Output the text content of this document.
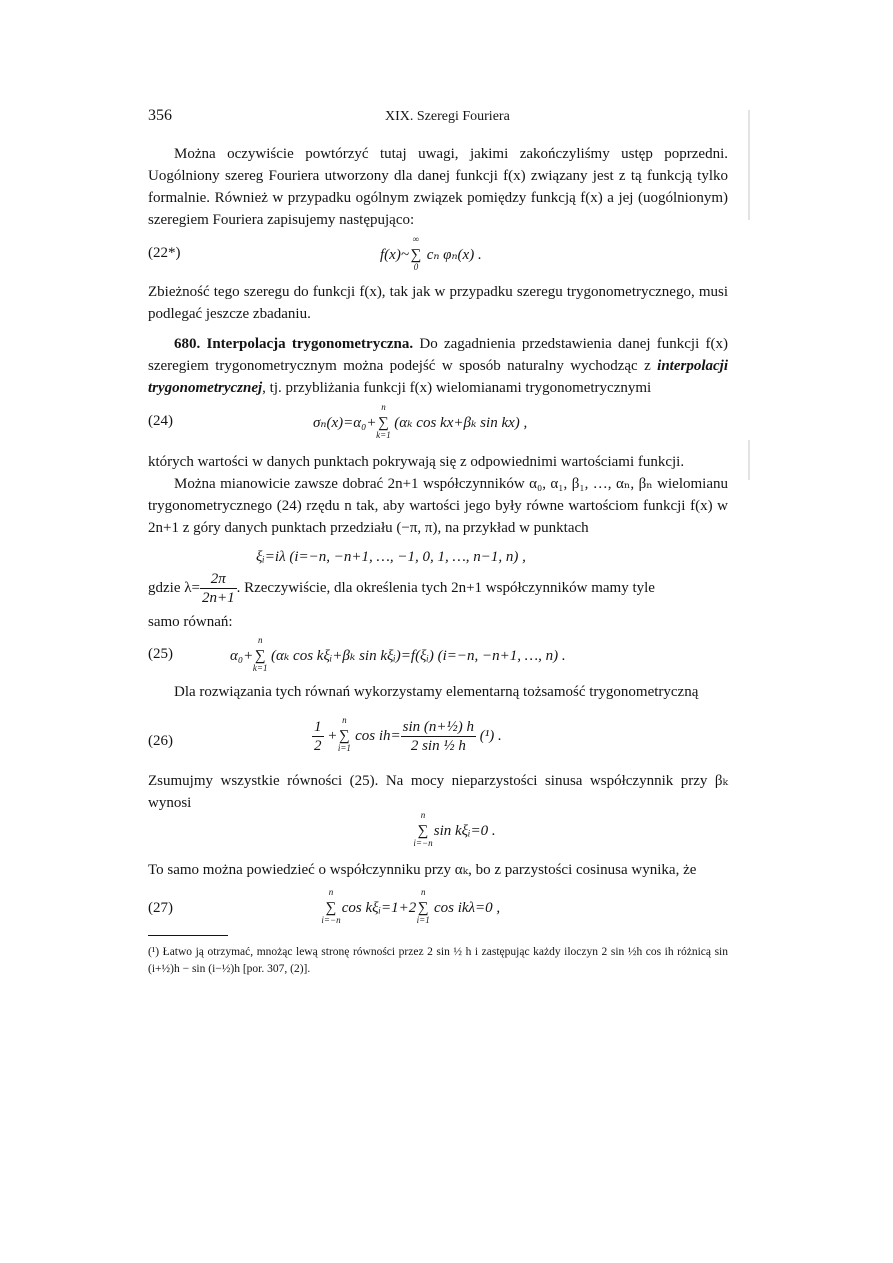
356	XIX. Szeregi Fouriera
Można oczywiście powtórzyć tutaj uwagi, jakimi zakończyliśmy ustęp poprzedni. Uogólniony szereg Fouriera utworzony dla danej funkcji f(x) związany jest z tą funkcją tylko formalnie. Również w przypadku ogólnym związek pomiędzy funkcją f(x) a jej (uogólnionym) szeregiem Fouriera zapisujemy następująco:
(22*)	f(x)~ ∑
∞
0
cₙ φₙ(x) .
Zbieżność tego szeregu do funkcji f(x), tak jak w przypadku szeregu trygonometrycznego, musi podlegać jeszcze zbadaniu.
680. Interpolacja trygonometryczna. Do zagadnienia przedstawienia danej funkcji f(x) szeregiem trygonometrycznym można podejść w sposób naturalny wychodząc z interpolacji trygonometrycznej, tj. przybliżania funkcji f(x) wielomianami trygonometrycznymi
(24)	σₙ(x)=α₀+ ∑
n
k=1
(αₖ cos kx+βₖ sin kx) ,
których wartości w danych punktach pokrywają się z odpowiednimi wartościami funkcji.
Można mianowicie zawsze dobrać 2n+1 współczynników α₀, α₁, β₁, …, αₙ, βₙ wielomianu trygonometrycznego (24) rzędu n tak, aby wartości jego były równe wartościom funkcji f(x) w 2n+1 z góry danych punktach przedziału (−π, π), na przykład w punktach
ξᵢ=iλ (i=−n, −n+1, …, −1, 0, 1, …, n−1, n) ,
gdzie $\lambda= \frac{2\pi}{2n+1}$ . Rzeczywiście, dla określenia tych 2n+1 współczynników mamy tyle
samo równań:
(25)	α₀+ ∑
n
k=1
(αₖ cos kξᵢ+βₖ sin kξᵢ)=f(ξᵢ) (i=−n, −n+1, …, n) .
Dla rozwiązania tych równań wykorzystamy elementarną tożsamość trygonometryczną
(26)	$\frac{1}{2}$ + ∑
n
i=1
$\cos ih= \frac{\text{sin (n+½) h}}{\text{2 sin ½ h}} (^1)$ .
Zsumujmy wszystkie równości (25). Na mocy nieparzystości sinusa współczynnik przy βₖ wynosi
∑
n
i=−n
sin kξᵢ=0 .
To samo można powiedzieć o współczynniku przy αₖ, bo z parzystości cosinusa wynika, że
(27)	∑
n
i=−n
cos kξᵢ=1+2 ∑
n
i=1
cos ikλ=0 ,
(¹) Łatwo ją otrzymać, mnożąc lewą stronę równości przez 2 sin ½ h i zastępując każdy iloczyn 2 sin ½h cos ih różnicą sin (i+½)h − sin (i−½)h [por. 307, (2)].
